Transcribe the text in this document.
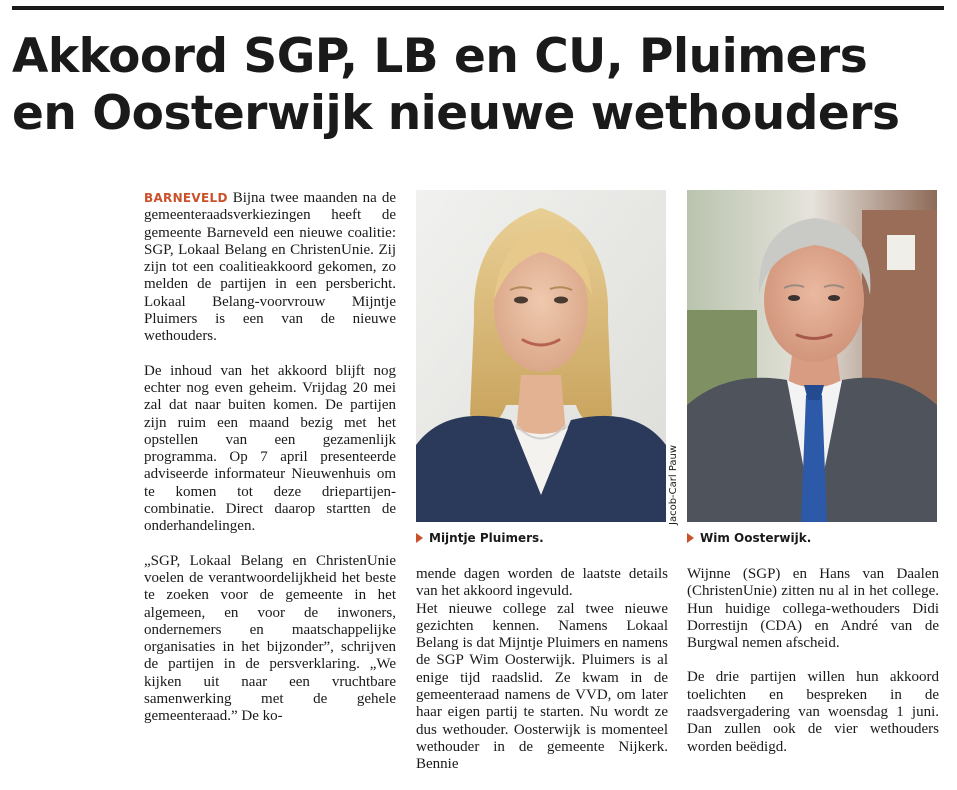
Akkoord SGP, LB en CU, Pluimers en Oosterwijk nieuwe wethouders

BARNEVELD Bijna twee maanden na de gemeenteraadsverkiezingen heeft de gemeente Barneveld een nieuwe coalitie: SGP, Lokaal Belang en ChristenUnie. Zij zijn tot een coalitieakkoord gekomen, zo melden de partijen in een persbericht. Lokaal Belang-voorvrouw Mijntje Pluimers is een van de nieuwe wethouders.

De inhoud van het akkoord blijft nog echter nog even geheim. Vrijdag 20 mei zal dat naar buiten komen. De partijen zijn ruim een maand bezig met het opstellen van een gezamenlijk programma. Op 7 april presenteerde adviseerde informateur Nieuwenhuis om te komen tot deze driepartijen-combinatie. Direct daarop startten de onderhandelingen.

„SGP, Lokaal Belang en ChristenUnie voelen de verantwoordelijkheid het beste te zoeken voor de gemeente in het algemeen, en voor de inwoners, ondernemers en maatschappelijke organisaties in het bijzonder”, schrijven de partijen in de persverklaring. „We kijken uit naar een vruchtbare samenwerking met de gehele gemeenteraad.” De ko-

Jacob-Carl Pauw
Mijntje Pluimers.	Wim Oosterwijk.

mende dagen worden de laatste details van het akkoord ingevuld.

Het nieuwe college zal twee nieuwe gezichten kennen. Namens Lokaal Belang is dat Mijntje Pluimers en namens de SGP Wim Oosterwijk. Pluimers is al enige tijd raadslid. Ze kwam in de gemeenteraad namens de VVD, om later haar eigen partij te starten. Nu wordt ze dus wethouder. Oosterwijk is momenteel wethouder in de gemeente Nijkerk. Bennie

Wijnne (SGP) en Hans van Daalen (ChristenUnie) zitten nu al in het college. Hun huidige collega-wethouders Didi Dorrestijn (CDA) en André van de Burgwal nemen afscheid.

De drie partijen willen hun akkoord toelichten en bespreken in de raadsvergadering van woensdag 1 juni. Dan zullen ook de vier wethouders worden beëdigd.
